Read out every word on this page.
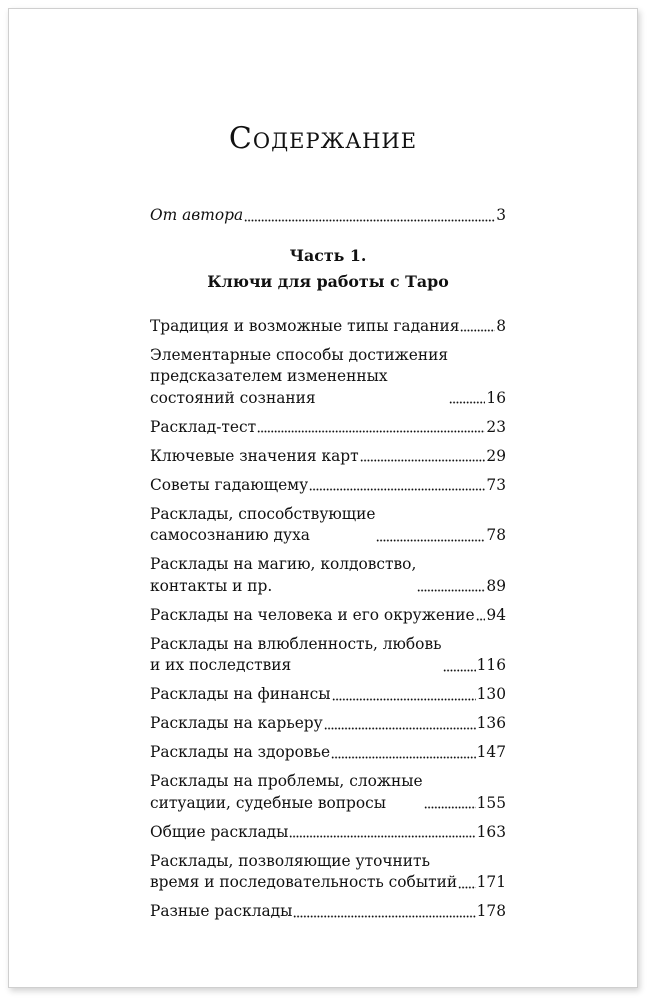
Содержание
От автора	3
Часть 1.
Ключи для работы с Таро
Традиция и возможные типы гадания 8
Элементарные способы достижения
предсказателем измененных
состояний сознания	16
Расклад-тест	23
Ключевые значения карт	29
Советы гадающему	73
Расклады, способствующие
самосознанию духа	78
Расклады на магию, колдовство,
контакты и пр.	89
Расклады на человека и его окружение 94
Расклады на влюбленность, любовь
и их последствия	116
Расклады на финансы	130
Расклады на карьеру	136
Расклады на здоровье	147
Расклады на проблемы, сложные
ситуации, судебные вопросы	155
Общие расклады	163
Расклады, позволяющие уточнить
время и последовательность событий 171
Разные расклады	178
